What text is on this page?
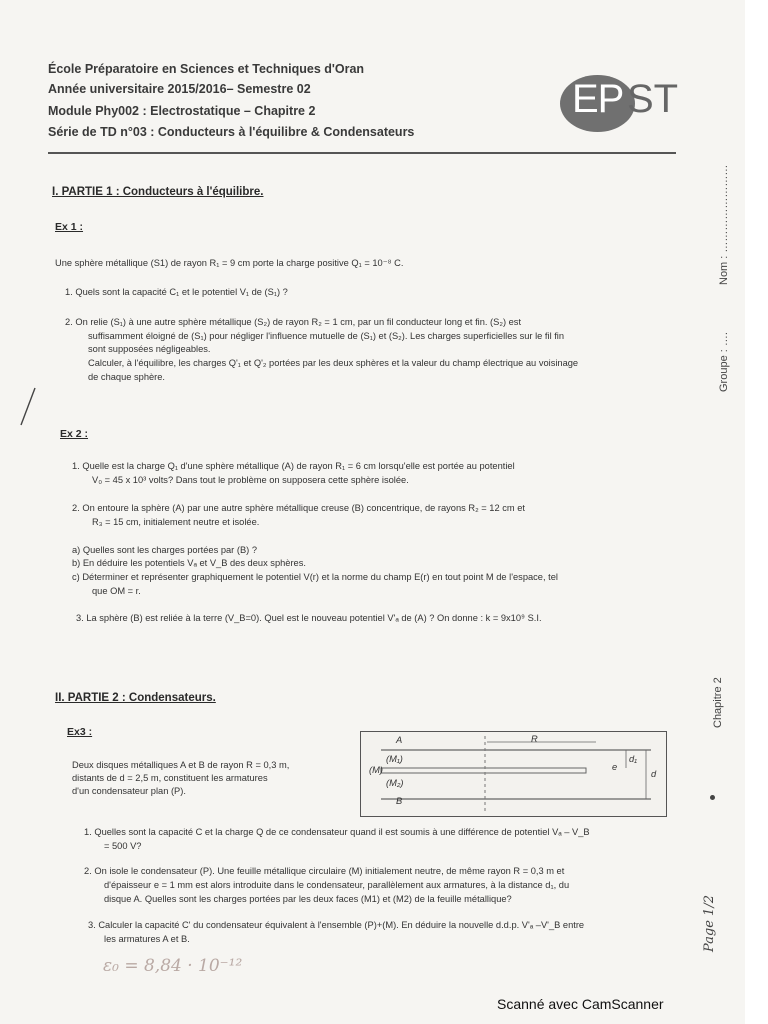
École Préparatoire en Sciences et Techniques d'Oran
Année universitaire 2015/2016– Semestre 02
Module Phy002 : Electrostatique – Chapitre 2
Série de TD n°03 : Conducteurs à l'équilibre & Condensateurs
EP ST
I. PARTIE 1 : Conducteurs à l'équilibre.
Ex 1 :
Une sphère métallique (S1) de rayon R₁ = 9 cm porte la charge positive Q₁ = 10⁻⁸ C.
1. Quels sont la capacité C₁ et le potentiel V₁ de (S₁) ?
2. On relie (S₁) à une autre sphère métallique (S₂) de rayon R₂ = 1 cm, par un fil conducteur long et fin. (S₂) est
suffisamment éloigné de (S₁) pour négliger l'influence mutuelle de (S₁) et (S₂). Les charges superficielles sur le fil fin
sont supposées négligeables.
Calculer, à l'équilibre, les charges Q'₁ et Q'₂ portées par les deux sphères et la valeur du champ électrique au voisinage
de chaque sphère.
Ex 2 :
1. Quelle est la charge Q₁ d'une sphère métallique (A) de rayon R₁ = 6 cm lorsqu'elle est portée au potentiel
V₀ = 45 x 10³ volts? Dans tout le problème on supposera cette sphère isolée.
2. On entoure la sphère (A) par une autre sphère métallique creuse (B) concentrique, de rayons R₂ = 12 cm et
R₃ = 15 cm, initialement neutre et isolée.
a) Quelles sont les charges portées par (B) ?
b) En déduire les potentiels Vₐ et V_B des deux sphères.
c) Déterminer et représenter graphiquement le potentiel V(r) et la norme du champ E(r) en tout point M de l'espace, tel
que OM = r.
3. La sphère (B) est reliée à la terre (V_B=0). Quel est le nouveau potentiel V'ₐ de (A) ? On donne : k = 9x10⁹ S.I.
II. PARTIE 2 : Condensateurs.
Ex3 :
Deux disques métalliques A et B de rayon R = 0,3 m,
distants de d = 2,5 m, constituent les armatures
d'un condensateur plan (P).
A	R
(M₁)
(M)
(M₂)
B
d₁
e
d
1. Quelles sont la capacité C et la charge Q de ce condensateur quand il est soumis à une différence de potentiel Vₐ – V_B
= 500 V?
2. On isole le condensateur (P). Une feuille métallique circulaire (M) initialement neutre, de même rayon R = 0,3 m et
d'épaisseur e = 1 mm est alors introduite dans le condensateur, parallèlement aux armatures, à la distance d₁, du
disque A. Quelles sont les charges portées par les deux faces (M1) et (M2) de la feuille métallique?
3. Calculer la capacité C' du condensateur équivalent à l'ensemble (P)+(M). En déduire la nouvelle d.d.p. V'ₐ –V'_B entre
les armatures A et B.
ε₀ = 8,84 · 10⁻¹²
Nom : ……………………
Groupe : ….
Chapitre 2
Page 1/2
Scanné avec CamScanner
